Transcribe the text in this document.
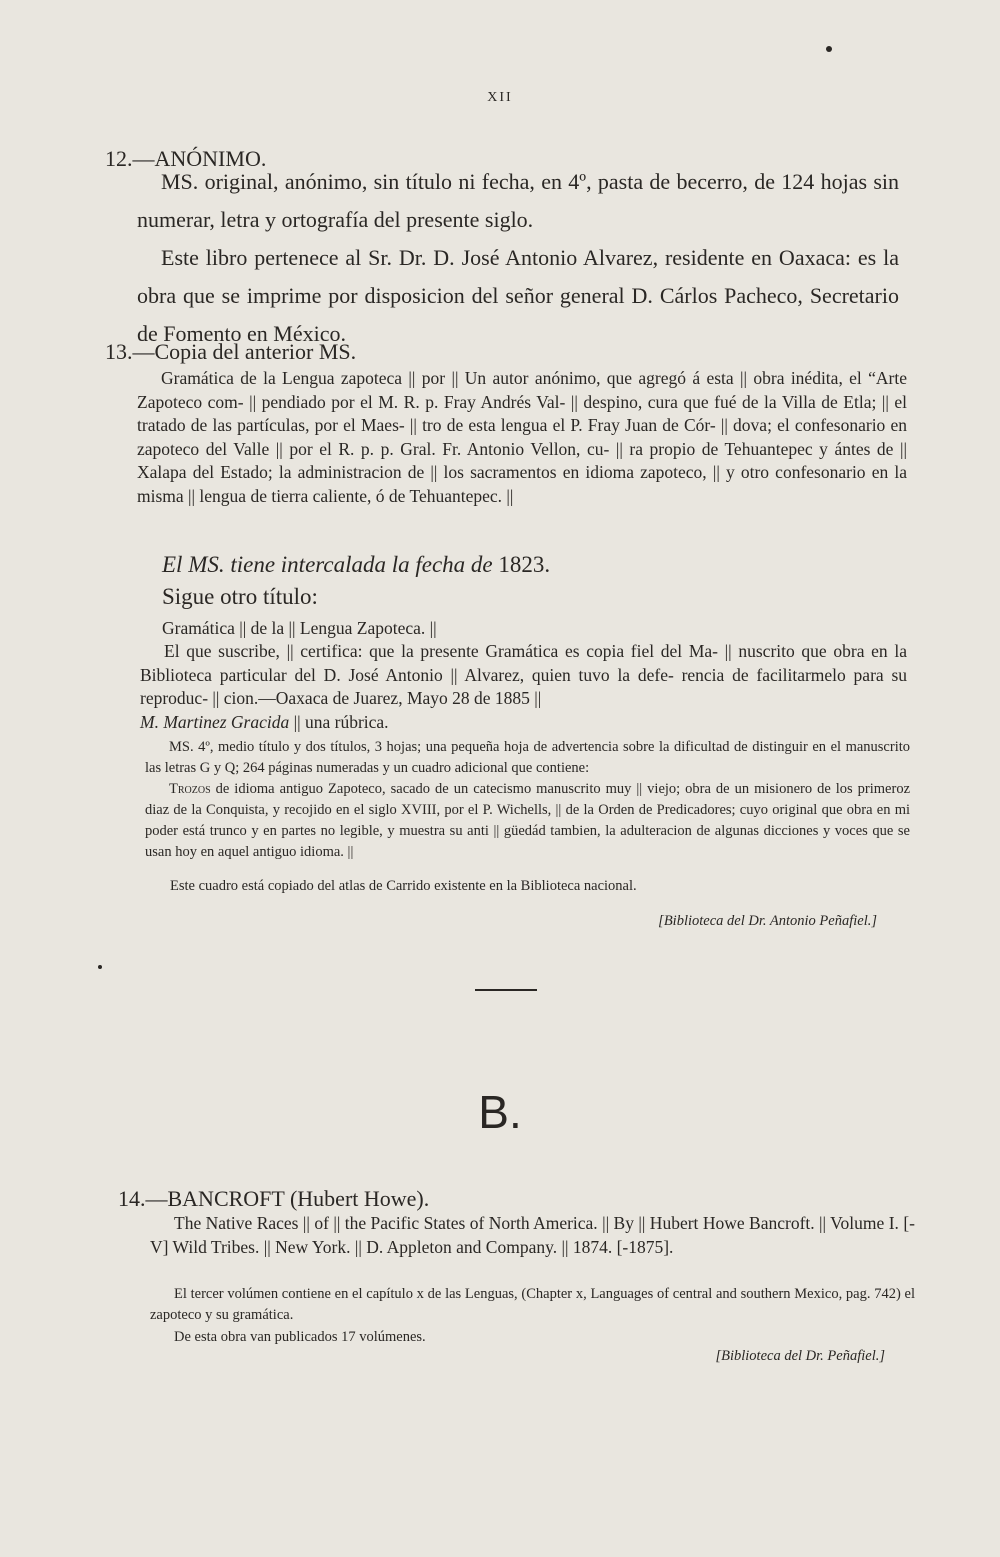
XII
12.—ANÓNIMO.

MS. original, anónimo, sin título ni fecha, en 4º, pasta de becerro, de 124 hojas sin numerar, letra y ortografía del presente siglo.

Este libro pertenece al Sr. Dr. D. José Antonio Alvarez, residente en Oaxaca: es la obra que se imprime por disposicion del señor general D. Cárlos Pacheco, Secretario de Fomento en México.

13.—Copia del anterior MS.

Gramática de la Lengua zapoteca || por || Un autor anónimo, que agregó á esta || obra inédita, el “Arte Zapoteco com- || pendiado por el M. R. p. Fray Andrés Val- || despino, cura que fué de la Villa de Etla; || el tratado de las partículas, por el Maes- || tro de esta lengua el P. Fray Juan de Cór- || dova; el confesonario en zapoteco del Valle || por el R. p. p. Gral. Fr. Antonio Vellon, cu- || ra propio de Tehuantepec y ántes de || Xalapa del Estado; la administracion de || los sacramentos en idioma zapoteco, || y otro confesonario en la misma || lengua de tierra caliente, ó de Tehuantepec. ||

El MS. tiene intercalada la fecha de 1823.
Sigue otro título:

Gramática || de la || Lengua Zapoteca. ||

El que suscribe, || certifica: que la presente Gramática es copia fiel del Ma- || nuscrito que obra en la Biblioteca particular del D. José Antonio || Alvarez, quien tuvo la defe- rencia de facilitarmelo para su reproduc- || cion.—Oaxaca de Juarez, Mayo 28 de 1885 ||

M. Martinez Gracida || una rúbrica.

MS. 4º, medio título y dos títulos, 3 hojas; una pequeña hoja de advertencia sobre la dificultad de distinguir en el manuscrito las letras G y Q; 264 páginas numeradas y un cuadro adicional que contiene:

Trozos de idioma antiguo Zapoteco, sacado de un catecismo manuscrito muy || viejo; obra de un misionero de los primeroz diaz de la Conquista, y recojido en el siglo XVIII, por el P. Wichells, || de la Orden de Predicadores; cuyo original que obra en mi poder está trunco y en partes no legible, y muestra su anti || güedád tambien, la adulteracion de algunas dicciones y voces que se usan hoy en aquel antiguo idioma. ||

Este cuadro está copiado del atlas de Carrido existente en la Biblioteca nacional.

[Biblioteca del Dr. Antonio Peñafiel.]

B.
14.—BANCROFT (Hubert Howe).

The Native Races || of || the Pacific States of North America. || By || Hubert Howe Bancroft. || Volume I. [-V] Wild Tribes. || New York. || D. Appleton and Company. || 1874. [-1875].

El tercer volúmen contiene en el capítulo x de las Lenguas, (Chapter x, Languages of central and southern Mexico, pag. 742) el zapoteco y su gramática.

De esta obra van publicados 17 volúmenes.

[Biblioteca del Dr. Peñafiel.]
